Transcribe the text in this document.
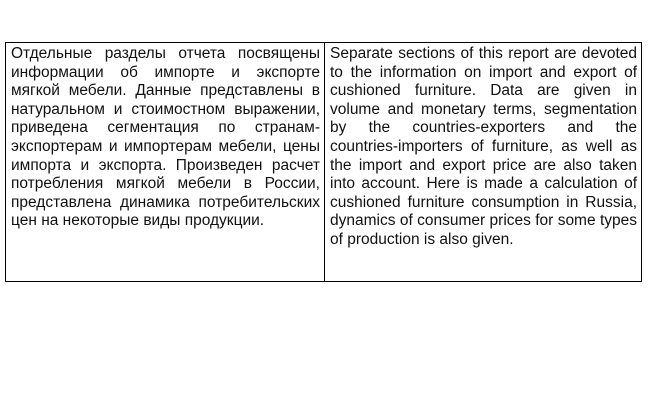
Отдельные разделы отчета посвящены информации об импорте и экспорте мягкой мебели. Данные представлены в натуральном и стоимостном выражении, приведена сегментация по странам-экспортерам и импортерам мебели, цены импорта и экспорта. Произведен расчет потребления мягкой мебели в России, представлена динамика потребительских цен на некоторые виды продукции.
Separate sections of this report are devoted to the information on import and export of cushioned furniture. Data are given in volume and monetary terms, segmentation by the countries-exporters and the countries-importers of furniture, as well as the import and export price are also taken into account. Here is made a calculation of cushioned furniture consumption in Russia, dynamics of consumer prices for some types of production is also given.
